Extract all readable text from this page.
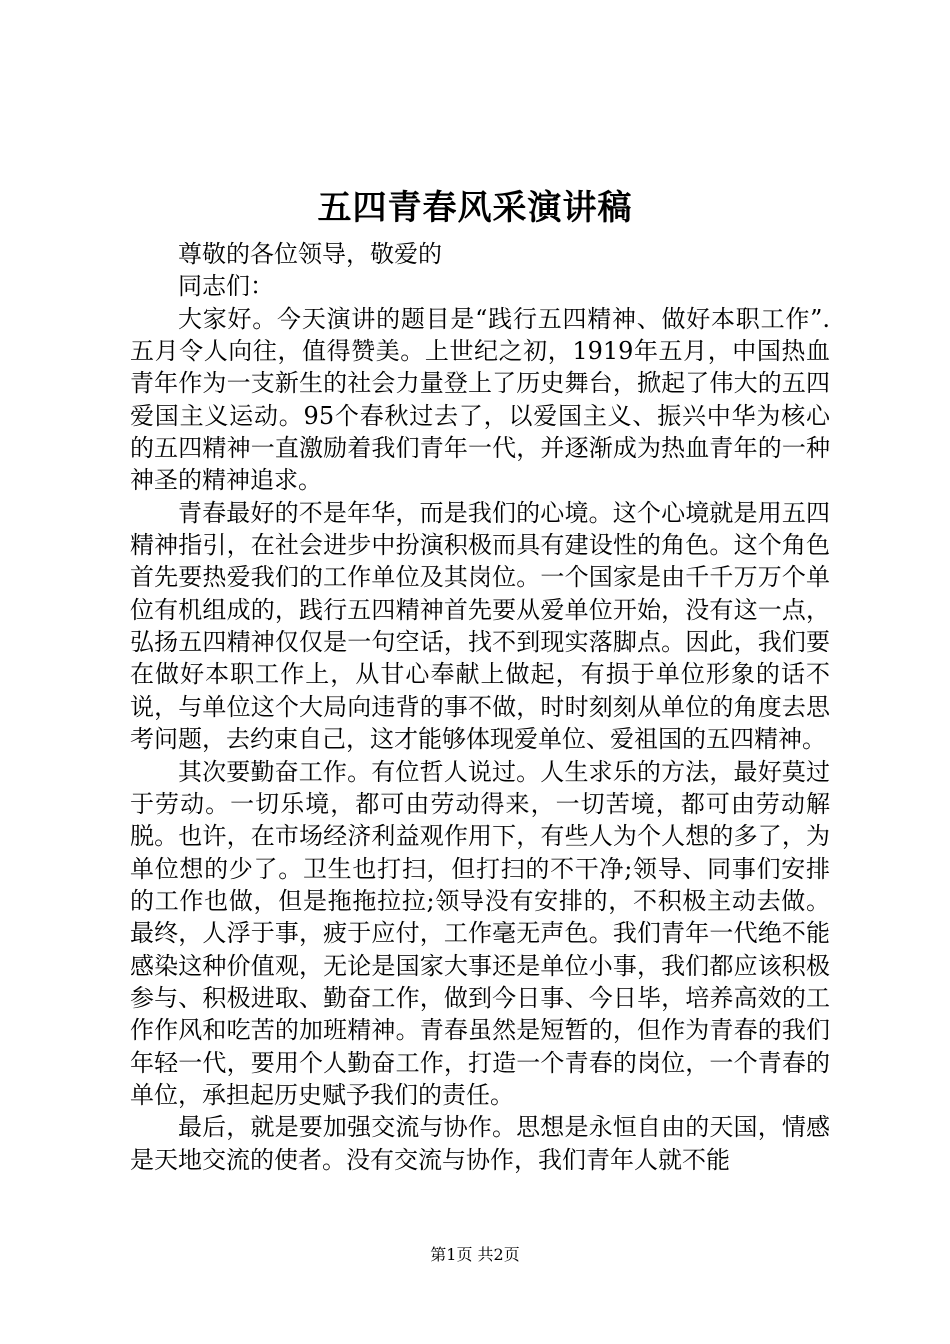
五四青春风采演讲稿

尊敬的各位领导，敬爱的

同志们：

大家好。今天演讲的题目是“践行五四精神、做好本职工作”.五月令人向往，值得赞美。上世纪之初，1919年五月，中国热血青年作为一支新生的社会力量登上了历史舞台，掀起了伟大的五四爱国主义运动。95个春秋过去了，以爱国主义、振兴中华为核心的五四精神一直激励着我们青年一代，并逐渐成为热血青年的一种神圣的精神追求。

青春最好的不是年华，而是我们的心境。这个心境就是用五四精神指引，在社会进步中扮演积极而具有建设性的角色。这个角色首先要热爱我们的工作单位及其岗位。一个国家是由千千万万个单位有机组成的，践行五四精神首先要从爱单位开始，没有这一点，弘扬五四精神仅仅是一句空话，找不到现实落脚点。因此，我们要在做好本职工作上，从甘心奉献上做起，有损于单位形象的话不说，与单位这个大局向违背的事不做，时时刻刻从单位的角度去思考问题，去约束自己，这才能够体现爱单位、爱祖国的五四精神。

其次要勤奋工作。有位哲人说过。人生求乐的方法，最好莫过于劳动。一切乐境，都可由劳动得来，一切苦境，都可由劳动解脱。也许，在市场经济利益观作用下，有些人为个人想的多了，为单位想的少了。卫生也打扫，但打扫的不干净;领导、同事们安排的工作也做，但是拖拖拉拉;领导没有安排的，不积极主动去做。最终，人浮于事，疲于应付，工作毫无声色。我们青年一代绝不能感染这种价值观，无论是国家大事还是单位小事，我们都应该积极参与、积极进取、勤奋工作，做到今日事、今日毕，培养高效的工作作风和吃苦的加班精神。青春虽然是短暂的，但作为青春的我们年轻一代，要用个人勤奋工作，打造一个青春的岗位，一个青春的单位，承担起历史赋予我们的责任。

最后，就是要加强交流与协作。思想是永恒自由的天国，情感是天地交流的使者。没有交流与协作，我们青年人就不能

第1页 共2页
